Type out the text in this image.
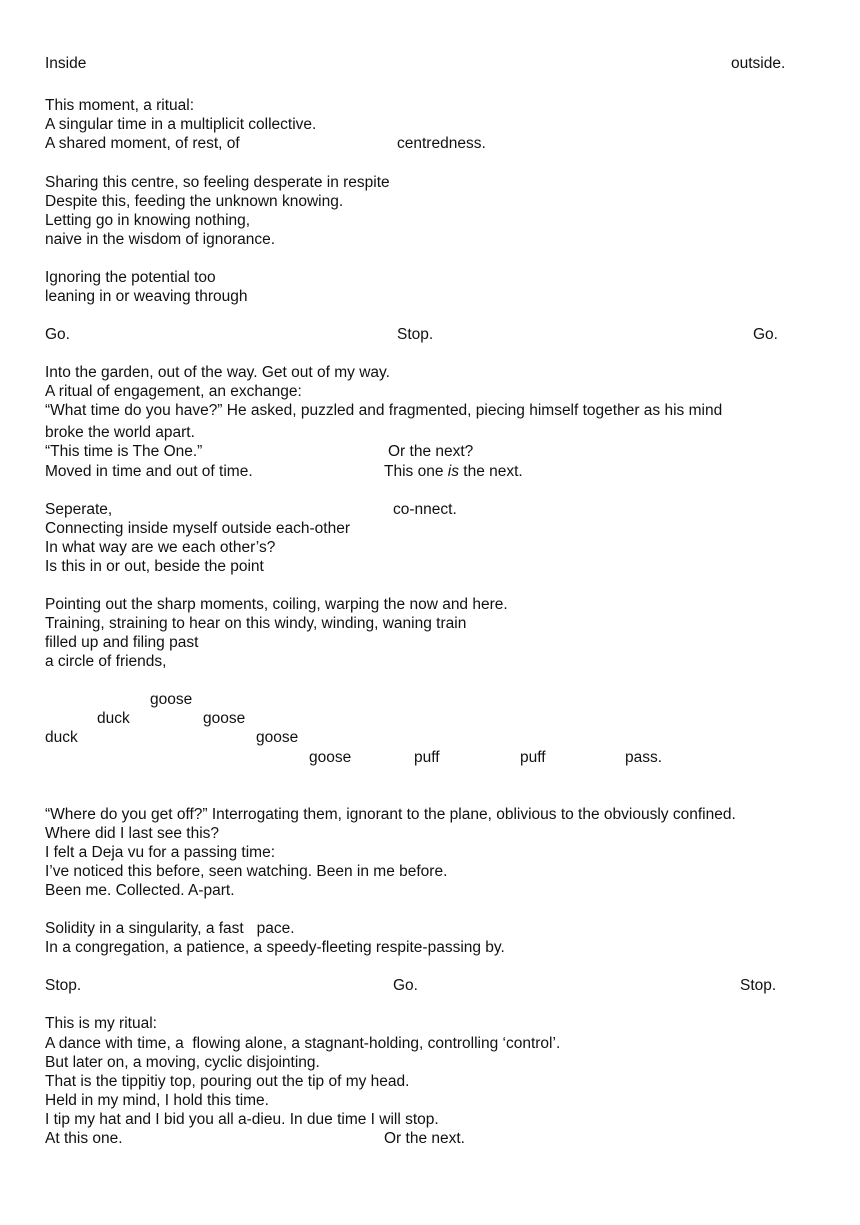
Inside	outside.
This moment, a ritual:
A singular time in a multiplicit collective.
A shared moment, of rest, of	centredness.
Sharing this centre, so feeling desperate in respite
Despite this, feeding the unknown knowing.
Letting go in knowing nothing,
naive in the wisdom of ignorance.
Ignoring the potential too
leaning in or weaving through
Go.	Stop.	Go.
Into the garden, out of the way. Get out of my way.
A ritual of engagement, an exchange:
“What time do you have?” He asked, puzzled and fragmented, piecing himself together as his mind
broke the world apart.
“This time is The One.”	Or the next?
Moved in time and out of time.	This one is the next.
Seperate,	co-nnect.
Connecting inside myself outside each-other
In what way are we each other’s?
Is this in or out, beside the point
Pointing out the sharp moments, coiling, warping the now and here.
Training, straining to hear on this windy, winding, waning train
filled up and filing past
a circle of friends,
goose
duck	goose
duck	goose
goose	puff	puff	pass.
“Where do you get off?” Interrogating them, ignorant to the plane, oblivious to the obviously confined.
Where did I last see this?
I felt a Deja vu for a passing time:
I’ve noticed this before, seen watching. Been in me before.
Been me. Collected. A-part.
Solidity in a singularity, a fast   pace.
In a congregation, a patience, a speedy-fleeting respite-passing by.
Stop.	Go.	Stop.
This is my ritual:
A dance with time, a  flowing alone, a stagnant-holding, controlling ‘control’.
But later on, a moving, cyclic disjointing.
That is the tippitiy top, pouring out the tip of my head.
Held in my mind, I hold this time.
I tip my hat and I bid you all a-dieu. In due time I will stop.
At this one.	Or the next.
